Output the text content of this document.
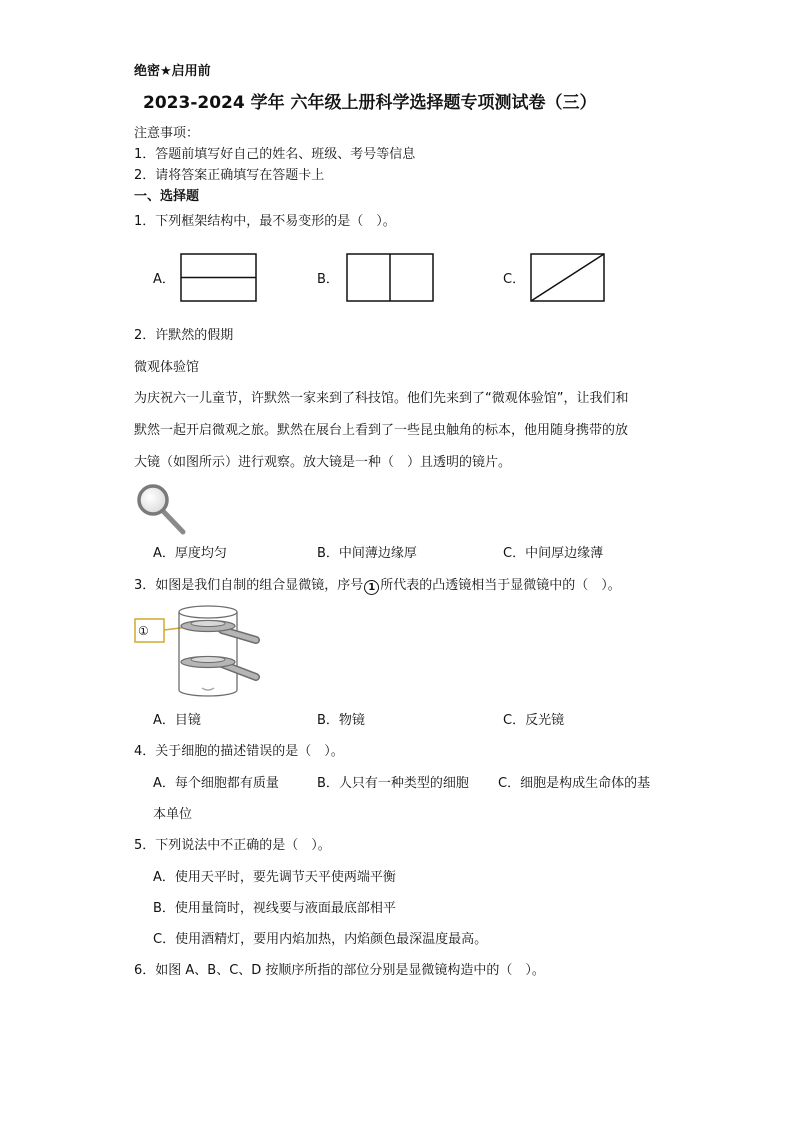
绝密★启用前
2023-2024 学年 六年级上册科学选择题专项测试卷（三）
注意事项：
1．答题前填写好自己的姓名、班级、考号等信息
2．请将答案正确填写在答题卡上
一、选择题
1．下列框架结构中，最不易变形的是（　）。
A．	B．	C．
2．许默然的假期
微观体验馆
为庆祝六一儿童节，许默然一家来到了科技馆。他们先来到了“微观体验馆”，让我们和
默然一起开启微观之旅。默然在展台上看到了一些昆虫触角的标本，他用随身携带的放
大镜（如图所示）进行观察。放大镜是一种（　）且透明的镜片。
A．厚度均匀	B．中间薄边缘厚	C．中间厚边缘薄
3．如图是我们自制的组合显微镜，序号 1 所代表的凸透镜相当于显微镜中的（　）。
①
A．目镜	B．物镜	C．反光镜
4．关于细胞的描述错误的是（　）。
A．每个细胞都有质量	B．人只有一种类型的细胞 C．细胞是构成生命体的基
本单位
5．下列说法中不正确的是（　）。
A．使用天平时，要先调节天平使两端平衡
B．使用量筒时，视线要与液面最底部相平
C．使用酒精灯，要用内焰加热，内焰颜色最深温度最高。
6．如图 A、B、C、D 按顺序所指的部位分别是显微镜构造中的（　）。
